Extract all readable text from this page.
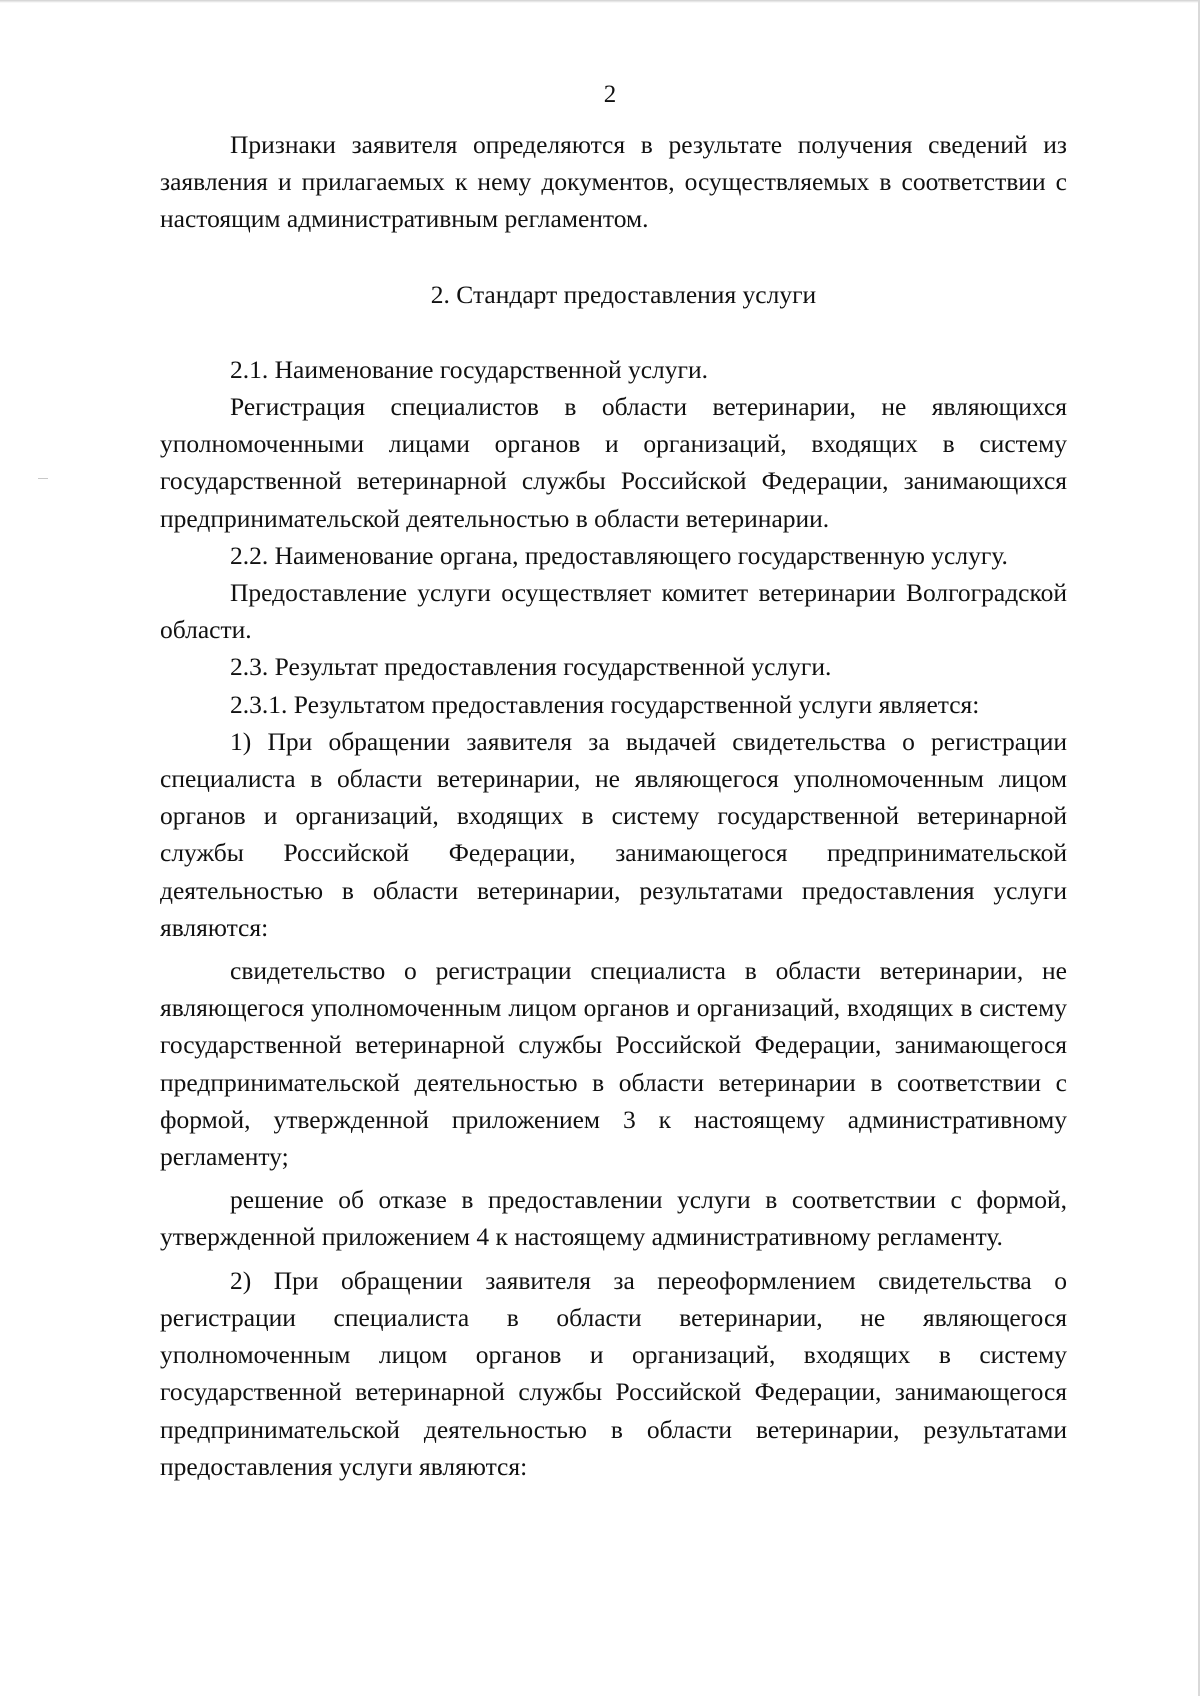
2

Признаки заявителя определяются в результате получения сведений из заявления и прилагаемых к нему документов, осуществляемых в соответствии с настоящим административным регламентом.

2. Стандарт предоставления услуги

2.1. Наименование государственной услуги.

Регистрация специалистов в области ветеринарии, не являющихся уполномоченными лицами органов и организаций, входящих в систему государственной ветеринарной службы Российской Федерации, занимающихся предпринимательской деятельностью в области ветеринарии.

2.2. Наименование органа, предоставляющего государственную услугу.

Предоставление услуги осуществляет комитет ветеринарии Волгоградской области.

2.3. Результат предоставления государственной услуги.

2.3.1. Результатом предоставления государственной услуги является:

1) При обращении заявителя за выдачей свидетельства о регистрации специалиста в области ветеринарии, не являющегося уполномоченным лицом органов и организаций, входящих в систему государственной ветеринарной службы Российской Федерации, занимающегося предпринимательской деятельностью в области ветеринарии, результатами предоставления услуги являются:

свидетельство о регистрации специалиста в области ветеринарии, не являющегося уполномоченным лицом органов и организаций, входящих в систему государственной ветеринарной службы Российской Федерации, занимающегося предпринимательской деятельностью в области ветеринарии в соответствии с формой, утвержденной приложением 3 к настоящему административному регламенту;

решение об отказе в предоставлении услуги в соответствии с формой, утвержденной приложением 4 к настоящему административному регламенту.

2) При обращении заявителя за переоформлением свидетельства о регистрации специалиста в области ветеринарии, не являющегося уполномоченным лицом органов и организаций, входящих в систему государственной ветеринарной службы Российской Федерации, занимающегося предпринимательской деятельностью в области ветеринарии, результатами предоставления услуги являются:
